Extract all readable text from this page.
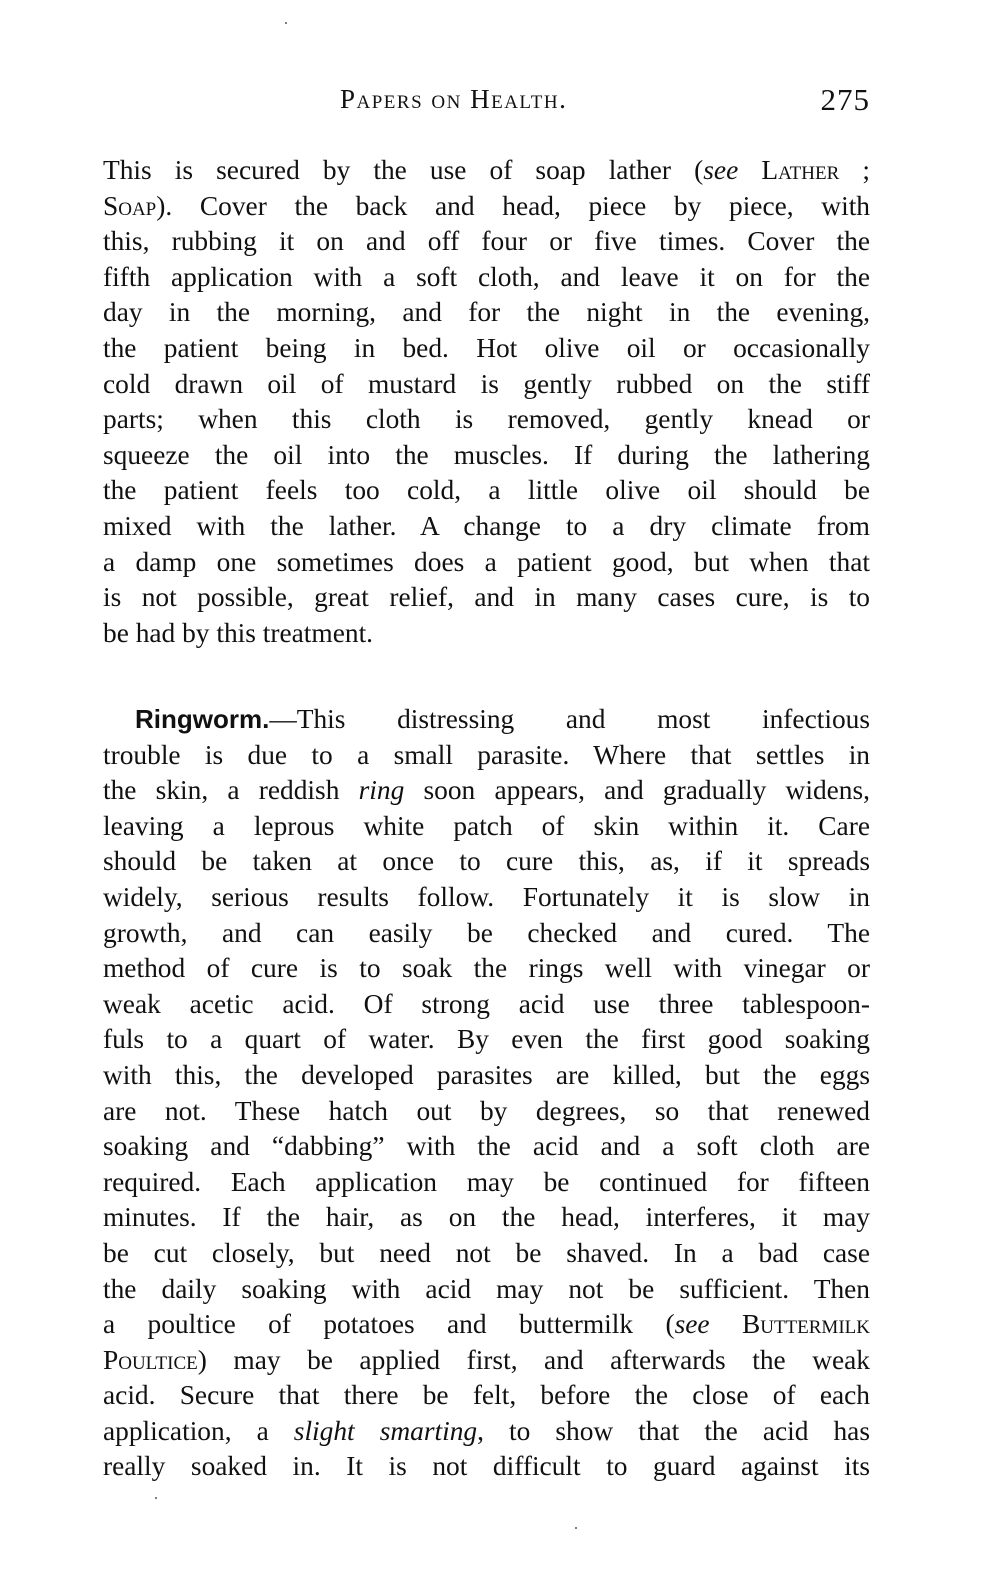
Papers on Health.	275
This is secured by the use of soap lather (see Lather ;
Soap). Cover the back and head, piece by piece, with
this, rubbing it on and off four or five times. Cover the
fifth application with a soft cloth, and leave it on for the
day in the morning, and for the night in the evening,
the patient being in bed. Hot olive oil or occasionally
cold drawn oil of mustard is gently rubbed on the stiff
parts; when this cloth is removed, gently knead or
squeeze the oil into the muscles. If during the lathering
the patient feels too cold, a little olive oil should be
mixed with the lather. A change to a dry climate from
a damp one sometimes does a patient good, but when that
is not possible, great relief, and in many cases cure, is to
be had by this treatment.
Ringworm.—This distressing and most infectious
trouble is due to a small parasite. Where that settles in
the skin, a reddish ring soon appears, and gradually widens,
leaving a leprous white patch of skin within it. Care
should be taken at once to cure this, as, if it spreads
widely, serious results follow. Fortunately it is slow in
growth, and can easily be checked and cured. The
method of cure is to soak the rings well with vinegar or
weak acetic acid. Of strong acid use three tablespoon-
fuls to a quart of water. By even the first good soaking
with this, the developed parasites are killed, but the eggs
are not. These hatch out by degrees, so that renewed
soaking and “dabbing” with the acid and a soft cloth are
required. Each application may be continued for fifteen
minutes. If the hair, as on the head, interferes, it may
be cut closely, but need not be shaved. In a bad case
the daily soaking with acid may not be sufficient. Then
a poultice of potatoes and buttermilk (see Buttermilk
Poultice) may be applied first, and afterwards the weak
acid. Secure that there be felt, before the close of each
application, a slight smarting, to show that the acid has
really soaked in. It is not difficult to guard against its
